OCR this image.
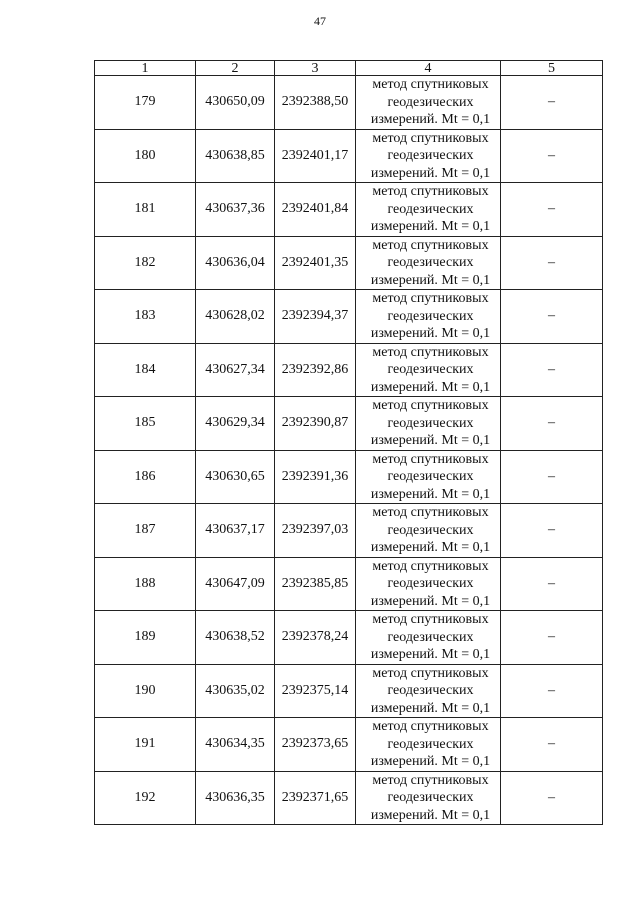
47
1	2	3	4	5
179	430650,09	2392388,50	метод спутниковых
геодезических
измерений. Mt = 0,1	–
180	430638,85	2392401,17	метод спутниковых
геодезических
измерений. Mt = 0,1	–
181	430637,36	2392401,84	метод спутниковых
геодезических
измерений. Mt = 0,1	–
182	430636,04	2392401,35	метод спутниковых
геодезических
измерений. Mt = 0,1	–
183	430628,02	2392394,37	метод спутниковых
геодезических
измерений. Mt = 0,1	–
184	430627,34	2392392,86	метод спутниковых
геодезических
измерений. Mt = 0,1	–
185	430629,34	2392390,87	метод спутниковых
геодезических
измерений. Mt = 0,1	–
186	430630,65	2392391,36	метод спутниковых
геодезических
измерений. Mt = 0,1	–
187	430637,17	2392397,03	метод спутниковых
геодезических
измерений. Mt = 0,1	–
188	430647,09	2392385,85	метод спутниковых
геодезических
измерений. Mt = 0,1	–
189	430638,52	2392378,24	метод спутниковых
геодезических
измерений. Mt = 0,1	–
190	430635,02	2392375,14	метод спутниковых
геодезических
измерений. Mt = 0,1	–
191	430634,35	2392373,65	метод спутниковых
геодезических
измерений. Mt = 0,1	–
192	430636,35	2392371,65	метод спутниковых
геодезических
измерений. Mt = 0,1	–
